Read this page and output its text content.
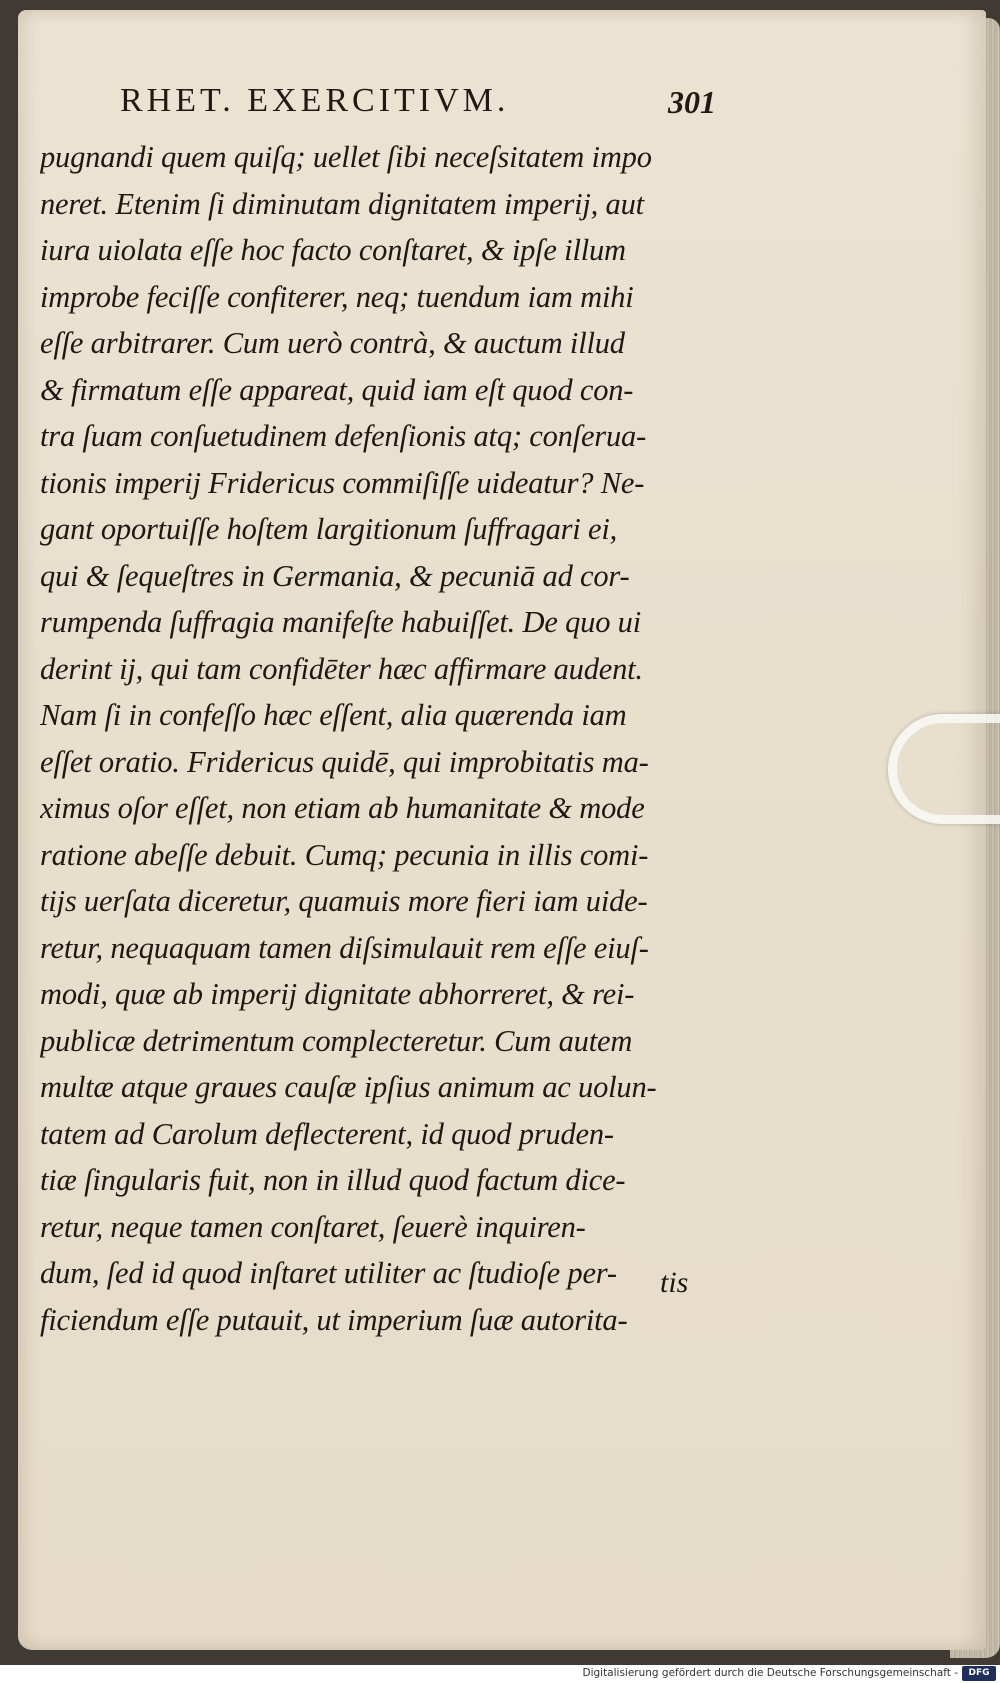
RHET. EXERCITIVM.	301
pugnandi quem quiſq; uellet ſibi neceſsitatem impo
neret. Etenim ſi diminutam dignitatem imperij, aut
iura uiolata eſſe hoc facto conſtaret, & ipſe illum
improbe feciſſe confiterer, neq; tuendum iam mihi
eſſe arbitrarer. Cum uerò contrà, & auctum illud
& firmatum eſſe appareat, quid iam eſt quod con-
tra ſuam conſuetudinem defenſionis atq; conſerua-
tionis imperij Fridericus commiſiſſe uideatur? Ne-
gant oportuiſſe hoſtem largitionum ſuffragari ei,
qui & ſequeſtres in Germania, & pecuniā ad cor-
rumpenda ſuffragia manifeſte habuiſſet. De quo ui
derint ij, qui tam confidēter hæc affirmare audent.
Nam ſi in confeſſo hæc eſſent, alia quærenda iam
eſſet oratio. Fridericus quidē, qui improbitatis ma-
ximus oſor eſſet, non etiam ab humanitate & mode
ratione abeſſe debuit. Cumq; pecunia in illis comi-
tijs uerſata diceretur, quamuis more fieri iam uide-
retur, nequaquam tamen diſsimulauit rem eſſe eiuſ-
modi, quæ ab imperij dignitate abhorreret, & rei-
publicæ detrimentum complecteretur. Cum autem
multæ atque graues cauſæ ipſius animum ac uolun-
tatem ad Carolum deflecterent, id quod pruden-
tiæ ſingularis fuit, non in illud quod factum dice-
retur, neque tamen conſtaret, ſeuerè inquiren-
dum, ſed id quod inſtaret utiliter ac ſtudioſe per-
ficiendum eſſe putauit, ut imperium ſuæ autorita-
tis
Digitalisierung gefördert durch die Deutsche Forschungsgemeinschaft -	DFG
